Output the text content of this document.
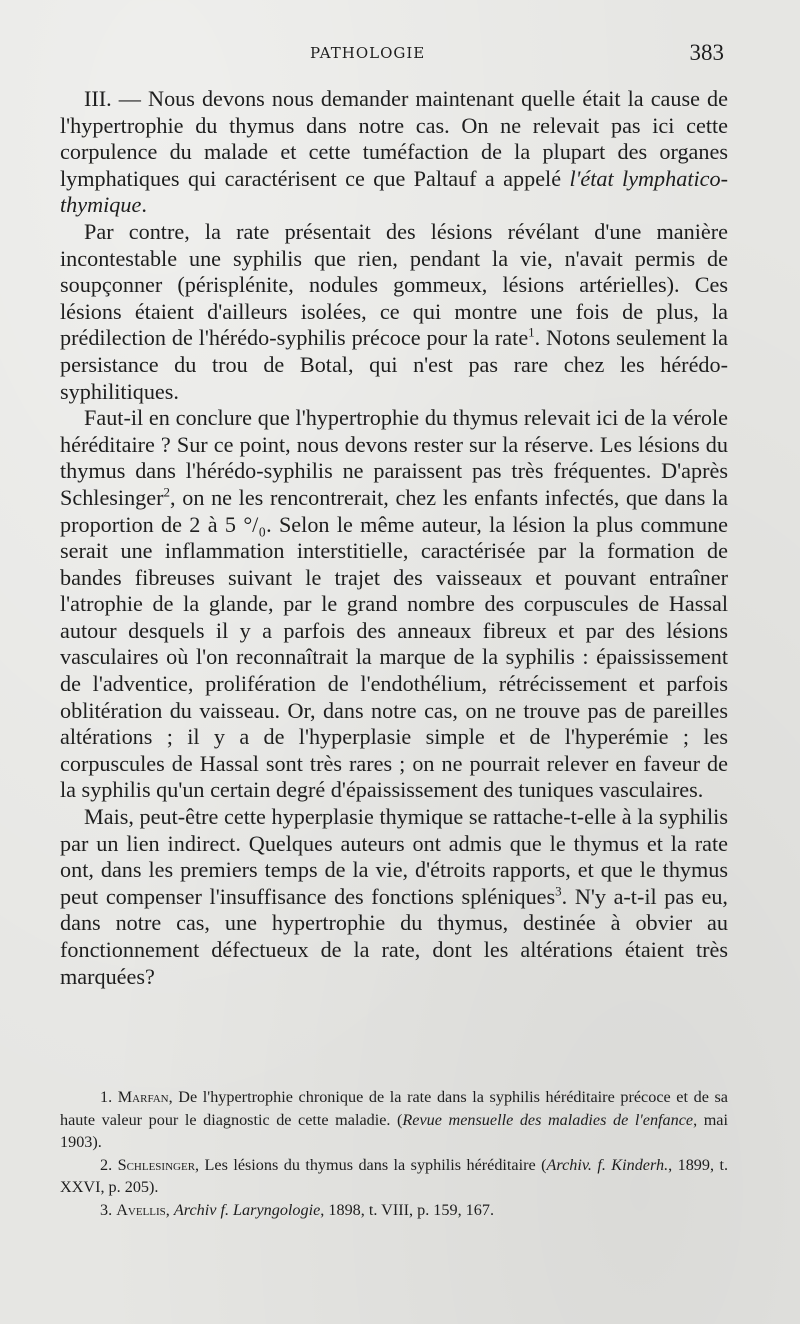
PATHOLOGIE	383

III. — Nous devons nous demander maintenant quelle était la cause de l'hypertrophie du thymus dans notre cas. On ne relevait pas ici cette corpulence du malade et cette tuméfaction de la plupart des organes lymphatiques qui caractérisent ce que Paltauf a appelé l'état lymphatico-thymique.

Par contre, la rate présentait des lésions révélant d'une manière incontestable une syphilis que rien, pendant la vie, n'avait permis de soupçonner (périsplénite, nodules gommeux, lésions artérielles). Ces lésions étaient d'ailleurs isolées, ce qui montre une fois de plus, la prédilection de l'hérédo-syphilis précoce pour la rate$^1$. Notons seulement la persistance du trou de Botal, qui n'est pas rare chez les hérédo-syphilitiques.

Faut-il en conclure que l'hypertrophie du thymus relevait ici de la vérole héréditaire ? Sur ce point, nous devons rester sur la réserve. Les lésions du thymus dans l'hérédo-syphilis ne paraissent pas très fréquentes. D'après Schlesinger$^2$, on ne les rencontrerait, chez les enfants infectés, que dans la proportion de 2 à 5 °/₀. Selon le même auteur, la lésion la plus commune serait une inflammation interstitielle, caractérisée par la formation de bandes fibreuses suivant le trajet des vaisseaux et pouvant entraîner l'atrophie de la glande, par le grand nombre des corpuscules de Hassal autour desquels il y a parfois des anneaux fibreux et par des lésions vasculaires où l'on reconnaîtrait la marque de la syphilis : épaississement de l'adventice, prolifération de l'endothélium, rétrécissement et parfois oblitération du vaisseau. Or, dans notre cas, on ne trouve pas de pareilles altérations ; il y a de l'hyperplasie simple et de l'hyperémie ; les corpuscules de Hassal sont très rares ; on ne pourrait relever en faveur de la syphilis qu'un certain degré d'épaississement des tuniques vasculaires.

Mais, peut-être cette hyperplasie thymique se rattache-t-elle à la syphilis par un lien indirect. Quelques auteurs ont admis que le thymus et la rate ont, dans les premiers temps de la vie, d'étroits rapports, et que le thymus peut compenser l'insuffisance des fonctions spléniques$^3$. N'y a-t-il pas eu, dans notre cas, une hypertrophie du thymus, destinée à obvier au fonctionnement défectueux de la rate, dont les altérations étaient très marquées?

1. Marfan, De l'hypertrophie chronique de la rate dans la syphilis héréditaire précoce et de sa haute valeur pour le diagnostic de cette maladie. (Revue mensuelle des maladies de l'enfance, mai 1903).

2. Schlesinger, Les lésions du thymus dans la syphilis héréditaire (Archiv. f. Kinderh., 1899, t. XXVI, p. 205).

3. Avellis, Archiv f. Laryngologie, 1898, t. VIII, p. 159, 167.
